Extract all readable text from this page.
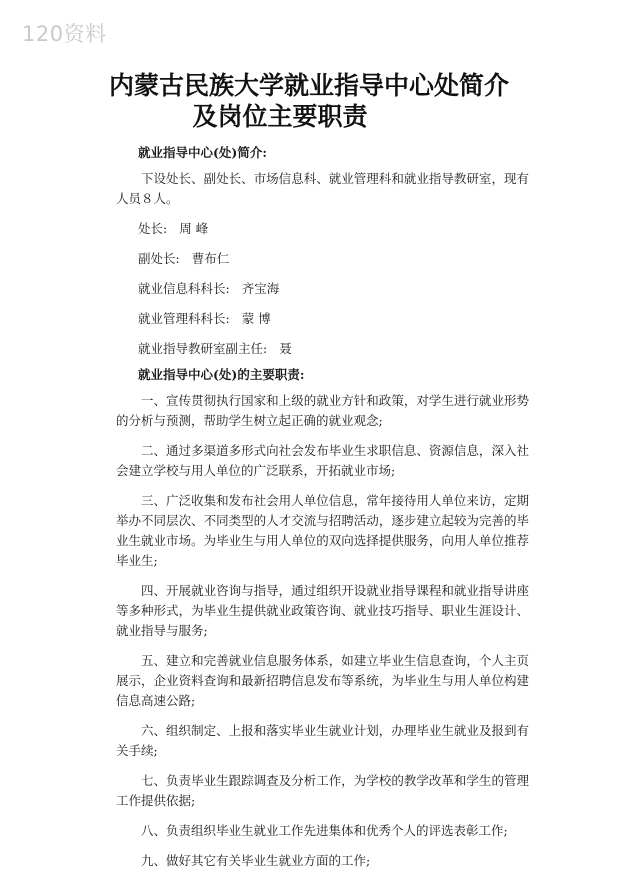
120资料
内蒙古民族大学就业指导中心处简介

及岗位主要职责

就业指导中心(处)简介:

下设处长、副处长、市场信息科、就业管理科和就业指导教研室，现有人员８人。

处长: 周 峰

副处长: 曹布仁

就业信息科科长: 齐宝海

就业管理科科长: 蒙 博

就业指导教研室副主任: 聂

就业指导中心(处)的主要职责:

一、宣传贯彻执行国家和上级的就业方针和政策，对学生进行就业形势的分析与预测，帮助学生树立起正确的就业观念;

二、通过多渠道多形式向社会发布毕业生求职信息、资源信息，深入社会建立学校与用人单位的广泛联系，开拓就业市场;

三、广泛收集和发布社会用人单位信息，常年接待用人单位来访，定期举办不同层次、不同类型的人才交流与招聘活动，逐步建立起较为完善的毕业生就业市场。为毕业生与用人单位的双向选择提供服务，向用人单位推荐毕业生;

四、开展就业咨询与指导，通过组织开设就业指导课程和就业指导讲座等多种形式，为毕业生提供就业政策咨询、就业技巧指导、职业生涯设计、就业指导与服务;

五、建立和完善就业信息服务体系，如建立毕业生信息查询，个人主页展示，企业资料查询和最新招聘信息发布等系统，为毕业生与用人单位构建信息高速公路;

六、组织制定、上报和落实毕业生就业计划，办理毕业生就业及报到有关手续;

七、负责毕业生跟踪调查及分析工作，为学校的教学改革和学生的管理工作提供依据;

八、负责组织毕业生就业工作先进集体和优秀个人的评选表彰工作;

九、做好其它有关毕业生就业方面的工作;
